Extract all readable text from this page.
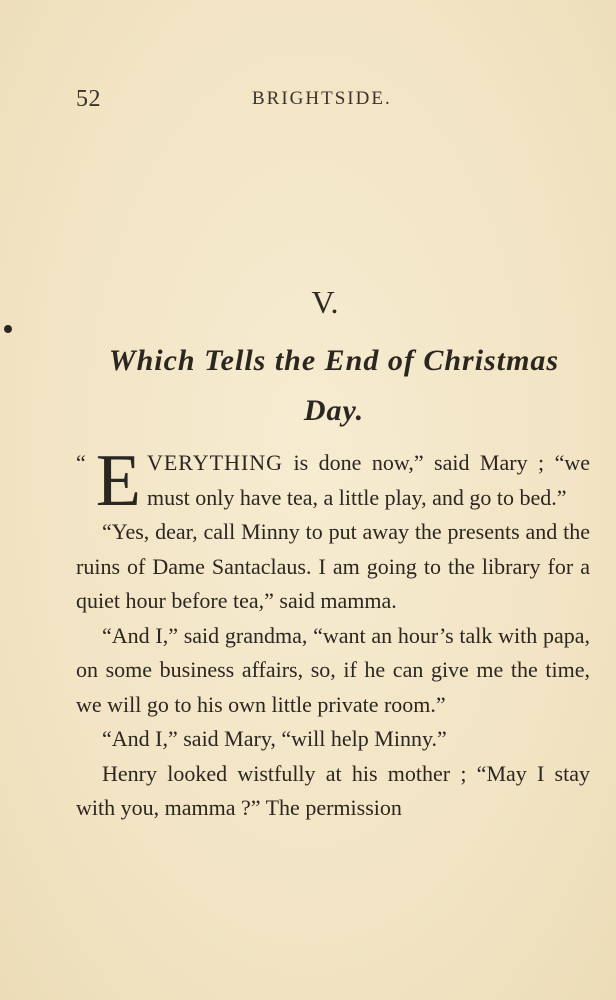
52	BRIGHTSIDE.
V.
Which Tells the End of Christmas
Day.

“ E VERYTHING is done now,” said Mary ; “we must only have tea, a little play, and go to bed.”

“Yes, dear, call Minny to put away the presents and the ruins of Dame Santaclaus. I am going to the library for a quiet hour before tea,” said mamma.

“And I,” said grandma, “want an hour’s talk with papa, on some business affairs, so, if he can give me the time, we will go to his own little private room.”

“And I,” said Mary, “will help Minny.”

Henry looked wistfully at his mother ; “May I stay with you, mamma ?” The permission
